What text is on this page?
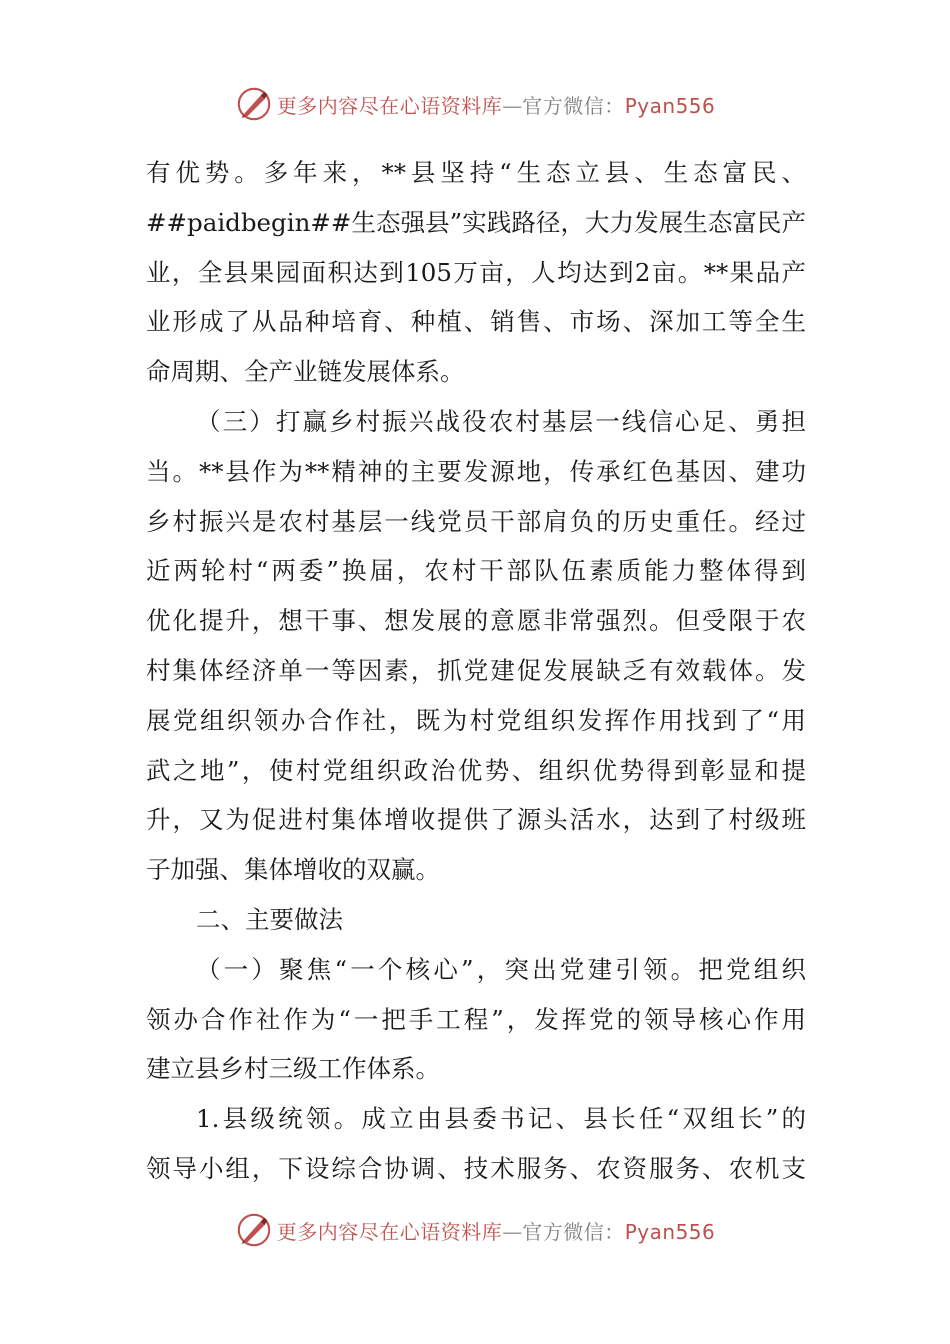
更多内容尽在心语资料库—官方微信：Pyan556
有优势。多年来，**县坚持“生态立县、生态富民、
##paidbegin##生态强县”实践路径，大力发展生态富民产
业，全县果园面积达到105万亩，人均达到2亩。**果品产
业形成了从品种培育、种植、销售、市场、深加工等全生
命周期、全产业链发展体系。
（三）打赢乡村振兴战役农村基层一线信心足、勇担
当。**县作为**精神的主要发源地，传承红色基因、建功
乡村振兴是农村基层一线党员干部肩负的历史重任。经过
近两轮村“两委”换届，农村干部队伍素质能力整体得到
优化提升，想干事、想发展的意愿非常强烈。但受限于农
村集体经济单一等因素，抓党建促发展缺乏有效载体。发
展党组织领办合作社，既为村党组织发挥作用找到了“用
武之地”，使村党组织政治优势、组织优势得到彰显和提
升，又为促进村集体增收提供了源头活水，达到了村级班
子加强、集体增收的双赢。
二、主要做法
（一）聚焦“一个核心”，突出党建引领。把党组织
领办合作社作为“一把手工程”，发挥党的领导核心作用
建立县乡村三级工作体系。
1.县级统领。成立由县委书记、县长任“双组长”的
领导小组，下设综合协调、技术服务、农资服务、农机支
更多内容尽在心语资料库—官方微信：Pyan556
